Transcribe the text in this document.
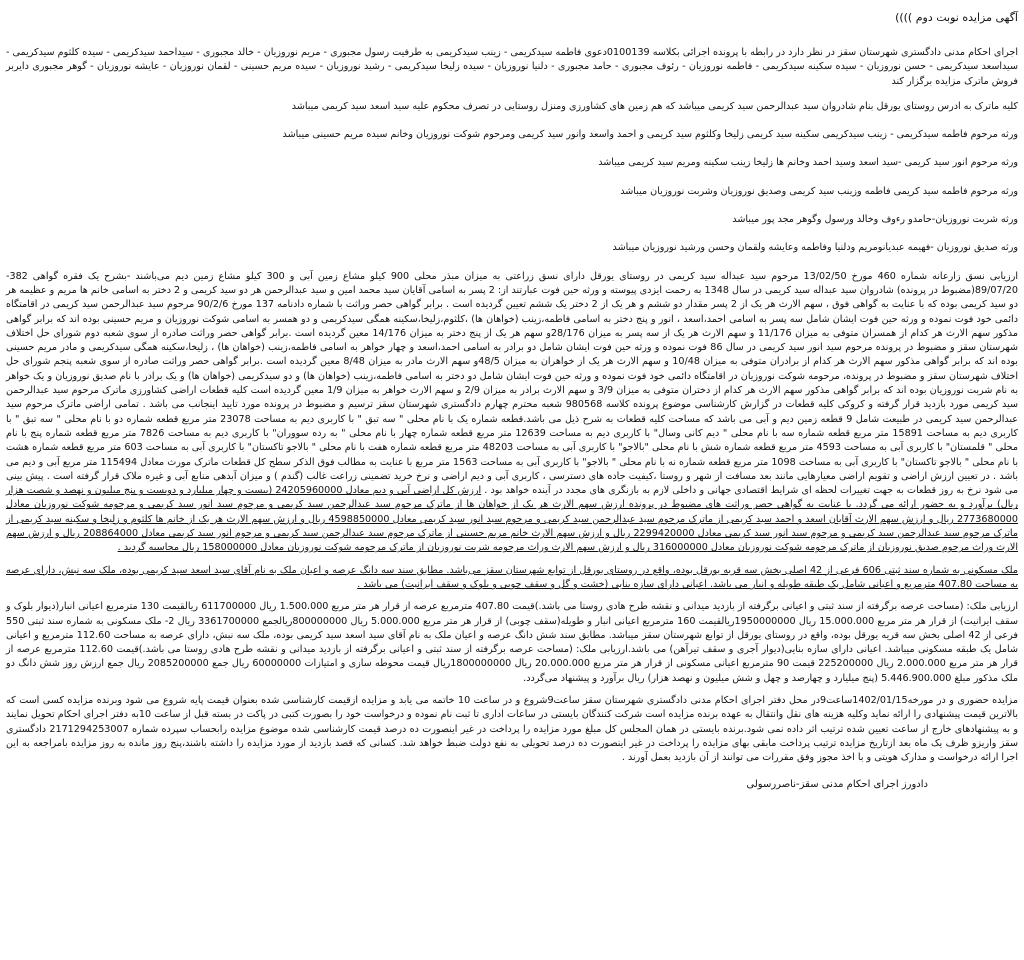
آگهی مزایده نوبت دوم ))))

اجرای احکام مدنی دادگستری شهرستان سقز در نظر دارد در رابطه با پرونده اجرائی بکلاسه 0100139دعوی فاطمه سیدکریمی - زینب سیدکریمی به طرفیت رسول مجبوری - مریم نوروزیان - خالد مجبوری - سیداحمد سیدکریمی - سیده کلثوم سیدکریمی - سیداسعد سیدکریمی - حسن نوروزیان - سیده سکینه سیدکریمی - فاطمه نوروزیان - رئوف مجبوری - حامد مجبوری - دلنیا نوروزیان - سیده زلیخا سیدکریمی - رشید نوروزیان - سیده مریم حسینی - لقمان نوروزیان - عایشه نوروزیان - گوهر مجبوری دایربر فروش ماترک مزایده برگزار کند

کلیه ماترک به ادرس روستای یورقل بنام شادروان سید عبدالرحمن سید کریمی میباشد که هم زمین های کشاورزی ومنزل روستایی در تصرف محکوم علیه سید اسعد سید کریمی میباشد

ورثه مرحوم فاطمه سیدکریمی - زینب سیدکریمی سکینه سید کریمی زلیخا وکلثوم سید کریمی و احمد واسعد وانور سید کریمی ومرحوم شوکت نوروزیان وخانم سیده مریم حسینی میباشد

ورثه مرحوم انور سید کریمی -سید اسعد وسید احمد وخانم ها زلیخا زینب سکینه ومریم سید کریمی میباشد

ورثه مرحوم فاطمه سید کریمی فاطمه وزینب سید کریمی وصدیق نوروزیان وشربت نوروزیان میباشد

ورثه شربت نوروزیان-حامدو رءوف وخالد ورسول وگوهر مجد پور میباشد

ورثه صدیق نوروزیان -فهیمه عبدیانومریم ودلنیا وفاطمه وعایشه ولقمان وحسن ورشید نوروزیان میباشد

ارزیابی نسق زارعانه شماره 460 مورخ 13/02/50 مرحوم سید عبداله سید کریمی در روستای یورقل دارای نسق زراعتی به میزان مبذر محلی 900 کیلو مشاع زمین آبی و 300 کیلو مشاع زمین دیم می‌باشند -بشرح یک فقره گواهی 382-89/07/20(مضبوط در پرونده) شادروان سید عبداله سید کریمی در سال 1348 به رحمت ایزدی پیوسته و ورثه حین فوت عبارتند از: 2 پسر به اسامی آقایان سید محمد امین و سید عبدالرحمن هر دو سید کریمی و 2 دختر به اسامی خانم ها مریم و عظیمه هر دو سید کریمی بوده که با عنایت به گواهی فوق ، سهم الارث هر یک از 2 پسر مقدار دو ششم و هر یک از 2 دختر یک ششم تعیین گردیده است . برابر گواهی حصر وراثت با شماره دادنامه 137 مورخ 90/2/6 مرحوم سید عبدالرحمن سید کریمی در اقامتگاه دائمی خود فوت نموده و ورثه حین فوت ایشان شامل سه پسر به اسامی احمد،اسعد ، انور و پنج دختر به اسامی فاطمه،زینب (خواهان ها) ،کلثوم،زلیخا،سکینه همگی سیدکریمی و دو همسر به اسامی شوکت نوروزیان و مریم حسینی بوده اند که برابر گواهی مذکور سهم الارث هر کدام از همسران متوفی به میزان 11/176 و سهم الارث هر یک از سه پسر به میزان 28/176و سهم هر یک از پنج دختر به میزان 14/176 معین گردیده است .برابر گواهی حصر وراثت صادره از سوی شعبه دوم شورای حل اختلاف شهرستان سقز و مضبوط در پرونده مرحوم سید انور سید کریمی در سال 86 فوت نموده و ورثه حین فوت ایشان شامل دو برادر به اسامی احمد،اسعد و چهار خواهر به اسامی فاطمه،زینب (خواهان ها) ، زلیخا،سکینه همگی سیدکریمی و مادر مریم حسینی بوده اند که برابر گواهی مذکور سهم الارث هر کدام از برادران متوفی به میزان 10/48 و سهم الارث هر یک از خواهران به میزان 48/5و سهم الارث مادر به میزان 8/48 معین گردیده است .برابر گواهی حصر وراثت صادره از سوی شعبه پنجم شورای حل اختلاف شهرستان سقز و مضبوط در پرونده، مرحومه شوکت نوروزیان در اقامتگاه دائمی خود فوت نموده و ورثه حین فوت ایشان شامل دو دختر به اسامی فاطمه،زینب (خواهان ها) و دو سیدکریمی (خواهان ها) و یک برادر با نام صدیق نوروزیان و یک خواهر به نام شربت نوروزیان بوده اند که برابر گواهی مذکور سهم الارث هر کدام از دختران متوفی به میزان 3/9 و سهم الارث برادر به میزان 2/9 و سهم الارث خواهر به میزان 1/9 معین گردیده است کلیه قطعات اراضی کشاورزی ماترک مرحوم سید عبدالرحمن سید کریمی مورد بازدید قرار گرفته و کروکی کلیه قطعات در گزارش کارشناسی موضوع پرونده کلاسه 980568 شعبه محترم چهارم دادگستری شهرستان سقز ترسیم و مضبوط در پرونده مورد تایید اینجانب می باشد . تمامی اراضی ماترک مرحوم سید عبدالرحمن سید کریمی در طبیعت شامل 9 قطعه زمین دیم و آبی می باشد که مساحت کلیه قطعات به شرح ذیل می باشد.قطعه شماره یک با نام محلی " سه تبق " با کاربری دیم به مساحت 23078 متر مربع قطعه شماره دو با نام محلی " سه تبق " با کاربری دیم به مساحت 15891 متر مربع قطعه شماره سه با نام محلی " دیم کانی وسال" با کاربری دیم به مساحت 12639 متر مربع قطعه شماره چهار با نام محلی " به رده سووران" با کاربری دیم به مساحت 7826 متر مربع قطعه شماره پنج با نام محلی " قلمستان" با کاربری آبی به مساحت 4593 متر مربع قطعه شماره شش با نام محلی "بالاجو" با کاربری آبی به مساحت 48203 متر مربع قطعه شماره هفت با نام محلی " بالاجو تاکستان" با کاربری آبی به مساحت 603 متر مربع قطعه شماره هشت با نام محلی " بالاجو تاکستان" با کاربری آبی به مساحت 1098 متر مربع قطعه شماره نه با نام محلی " بالاجو" با کاربری آبی به مساحت 1563 متر مربع با عنایت به مطالب فوق الذکر سطح کل قطعات ماترک مورث معادل 115494 متر مربع آبی و دیم می باشد . در تعیین ارزش اراضی و تقویم اراضی معیارهایی مانند بعد مسافت از شهر و روستا ،کیفیت جاده های دسترسی ، کاربری آبی و دیم اراضی و نرخ خرید تضمینی زراعت غالب (گندم ) و میزان آبدهی منابع آبی و غیره ملاک قرار گرفته است . پیش بینی می شود نرخ به روز قطعات به جهت تغییرات لحظه ای شرایط اقتصادی جهانی و داخلی لازم به بازنگری های مجدد در آینده خواهد بود . ارزش کل اراضی آبی و دیم معادل 24205960000 (بیست و چهار میلیارد و دویست و پنج میلیون و نهصد و شصت هزار ریال) برآورد و به حضور ارائه می گردد. با عنایت به گواهی حصر وراثت های مضبوط در پرونده ارزش سهم الارث هر یک از خواهان ها از ماترک مرحوم سید عبدالرحمن سید کریمی و مرحوم سید انور سید کریمی و مرحومه شوکت نوروزیان معادل 2773680000 ریال و ارزش سهم الارث آقایان اسعد و احمد سید کریمی از ماترک مرحوم سید عبدالرحمن سید کریمی و مرحوم سید انور سید کریمی معادل 4598850000 ریال و ارزش سهم الارث هر یک از خانم ها کلثوم و زلیخا و سکینه سید کریمی از ماترک مرحوم سید عبدالرحمن سید کریمی و مرحوم سید انور سید کریمی معادل 2299420000 ریال و ارزش سهم الارث خانم مریم حسینی از ماترک مرحوم سید عبدالرحمن سید کریمی و مرحوم انور سید کریمی معادل 208864000 ریال و ارزش سهم الارث وراث مرحوم صدیق نوروزیان از ماترک مرحومه شوکت نوروزیان معادل 316000000 ریال و ارزش سهم الارث وراث مرحومه شربت نوروزیان از ماترک مرحومه شوکت نوروزیان معادل 158000000 ریال محاسبه گردید .

ملک مسکونی به شماره سند ثبتی 606 فرعی از 42 اصلی بخش سه قریه یورقل بوده، واقع در روستای یورقل از توابع شهرستان سقز می‌باشد. مطابق سند سه دانگ عرصه و اعیان ملک به نام آقای سید اسعد سید کریمی بوده، ملک سه نبش، دارای عرصه به مساحت 407.80 مترمربع و اعیانی شامل یک طبقه طویله و انبار می باشد. اعیانی دارای سازه بنایی (خشت و گل و سقف چوبی و بلوک و سقف ایرانیت) می باشد .

ارزیابی ملک: (مساحت عرصه برگرفته از سند ثبتی و اعیانی برگرفته از بازدید میدانی و نقشه طرح هادی روستا می باشد.)قیمت 407.80 مترمربع عرصه از قرار هر متر مربع 1.500.000 ریال 611700000 ریالقیمت 130 مترمربع اعیانی انبار(دیوار بلوک و سقف ایرانیت) از قرار هر متر مربع 15.000.000 ریال 1950000000ریالقیمت 160 مترمربع اعیانی انبار و طویله(سقف چوبی) از قرار هر متر مربع 5.000.000 ریال 800000000ریالجمع 3361700000 ریال 2- ملک مسکونی به شماره سند ثبتی 550 فرعی از 42 اصلی بخش سه قریه یورقل بوده، واقع در روستای یورقل از توابع شهرستان سقز میباشد. مطابق سند شش دانگ عرصه و اعیان ملک به نام آقای سید اسعد سید کریمی بوده، ملک سه نبش، دارای عرصه به مساحت 112.60 مترمربع و اعیانی شامل یک طبقه مسکونی میباشد. اعیانی دارای سازه بنایی(دیوار آجری و سقف تیرآهن) می باشد.ارزیابی ملک: (مساحت عرصه برگرفته از سند ثبتی و اعیانی برگرفته از بازدید میدانی و نقشه طرح هادی روستا می باشد.)قیمت 112.60 مترمربع عرصه از قرار هر متر مربع 2.000.000 ریال 225200000 قیمت 90 مترمربع اعیانی مسکونی از قرار هر متر مربع 20.000.000 ریال 1800000000ریال قیمت محوطه سازی و امتیازات 60000000 ریال جمع 2085200000 ریال جمع ارزش روز شش دانگ دو ملک مذکور مبلغ 5.446.900.000 (پنج میلیارد و چهارصد و چهل و شش میلیون و نهصد هزار) ریال برآورد و پیشنهاد می‌گردد.

مزایده حضوری و در مورخه1402/01/15ساعت9در محل دفتر اجرای احکام مدنی دادگستری شهرستان سقز ساعت9شروع و در ساعت 10 خاتمه می یابد و مزایده ازقیمت کارشناسی شده بعنوان قیمت پایه شروع می شود وبرنده مزایده کسی است که بالاترین قیمت پیشنهادی را ارائه نماید وکلیه هزینه های نقل وانتقال به عهده برنده مزایده است شرکت کنندگان بایستی در ساعات اداری تا ثبت نام نموده و درخواست خود را بصورت کتبی در پاکت در بسته قبل از ساعت 10به دفتر اجرای احکام تحویل نمایند و به پیشنهادهای خارج از ساعت تعیین شده ترتیب اثر داده نمی شود.برنده بایستی در همان المجلس کل مبلغ مورد مزایده را پرداخت در غیر اینصورت ده درصد قیمت کارشناسی شده موضوع مزایده رابحساب سپرده شماره 2171294253007 دادگستری سقز واریزو ظرف یک ماه بعد ازتاریخ مزایده ترتیب پرداخت مابقی بهای مزایده را پرداخت در غیر اینصورت ده درصد تحویلی به نفع دولت ضبط خواهد شد. کسانی که قصد بازدید از مورد مزایده را داشته باشند،پنج روز مانده به روز مزایده بامراجعه به این اجرا ارائه درخواست و مدارک هویتی و با اخذ مجوز وفق مقررات می توانند از آن بازدید بعمل آورند .

دادورز اجرای احکام مدنی سقز-ناصررسولی
